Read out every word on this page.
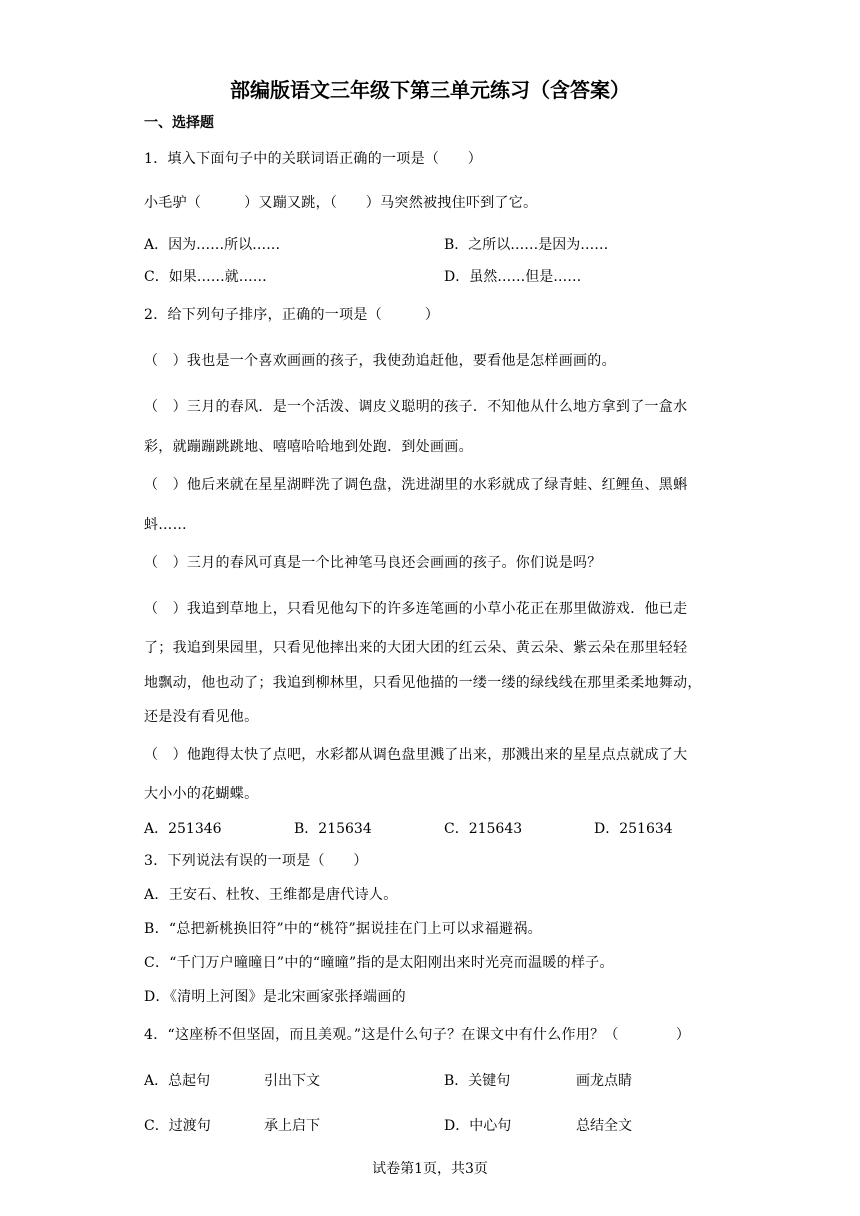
部编版语文三年级下第三单元练习（含答案）
一、选择题
1．填入下面句子中的关联词语正确的一项是（　　）
小毛驴（　　　）又蹦又跳，（　　）马突然被拽住吓到了它。
A．因为……所以……	B．之所以……是因为……
C．如果……就……	D．虽然……但是……
2．给下列句子排序，正确的一项是（　　　）
（　）我也是一个喜欢画画的孩子，我使劲追赶他，要看他是怎样画画的。
（　）三月的春风．是一个活泼、调皮义聪明的孩子．不知他从什么地方拿到了一盒水
彩，就蹦蹦跳跳地、嘻嘻哈哈地到处跑．到处画画。
（　）他后来就在星星湖畔洗了调色盘，洗进湖里的水彩就成了绿青蛙、红鲤鱼、黑蝌
蚪……
（　）三月的春风可真是一个比神笔马良还会画画的孩子。你们说是吗？
（　）我追到草地上，只看见他勾下的许多连笔画的小草小花正在那里做游戏．他已走
了；我追到果园里，只看见他摔出来的大团大团的红云朵、黄云朵、紫云朵在那里轻轻
地飘动，他也动了；我追到柳林里，只看见他描的一缕一缕的绿线线在那里柔柔地舞动，
还是没有看见他。
（　）他跑得太快了点吧，水彩都从调色盘里溅了出来，那溅出来的星星点点就成了大
大小小的花蝴蝶。
A．251346	B．215634	C．215643	D．251634
3．下列说法有误的一项是（　　）
A．王安石、杜牧、王维都是唐代诗人。
B．“总把新桃换旧符”中的“桃符”据说挂在门上可以求福避祸。
C．“千门万户曈曈日”中的“曈曈”指的是太阳刚出来时光亮而温暖的样子。
D．《清明上河图》是北宋画家张择端画的
4．“这座桥不但坚固，而且美观。”这是什么句子？在课文中有什么作用？（　　　　）
A．总起句	引出下文	B．关键句	画龙点睛
C．过渡句	承上启下	D．中心句	总结全文
试卷第1页，共3页
